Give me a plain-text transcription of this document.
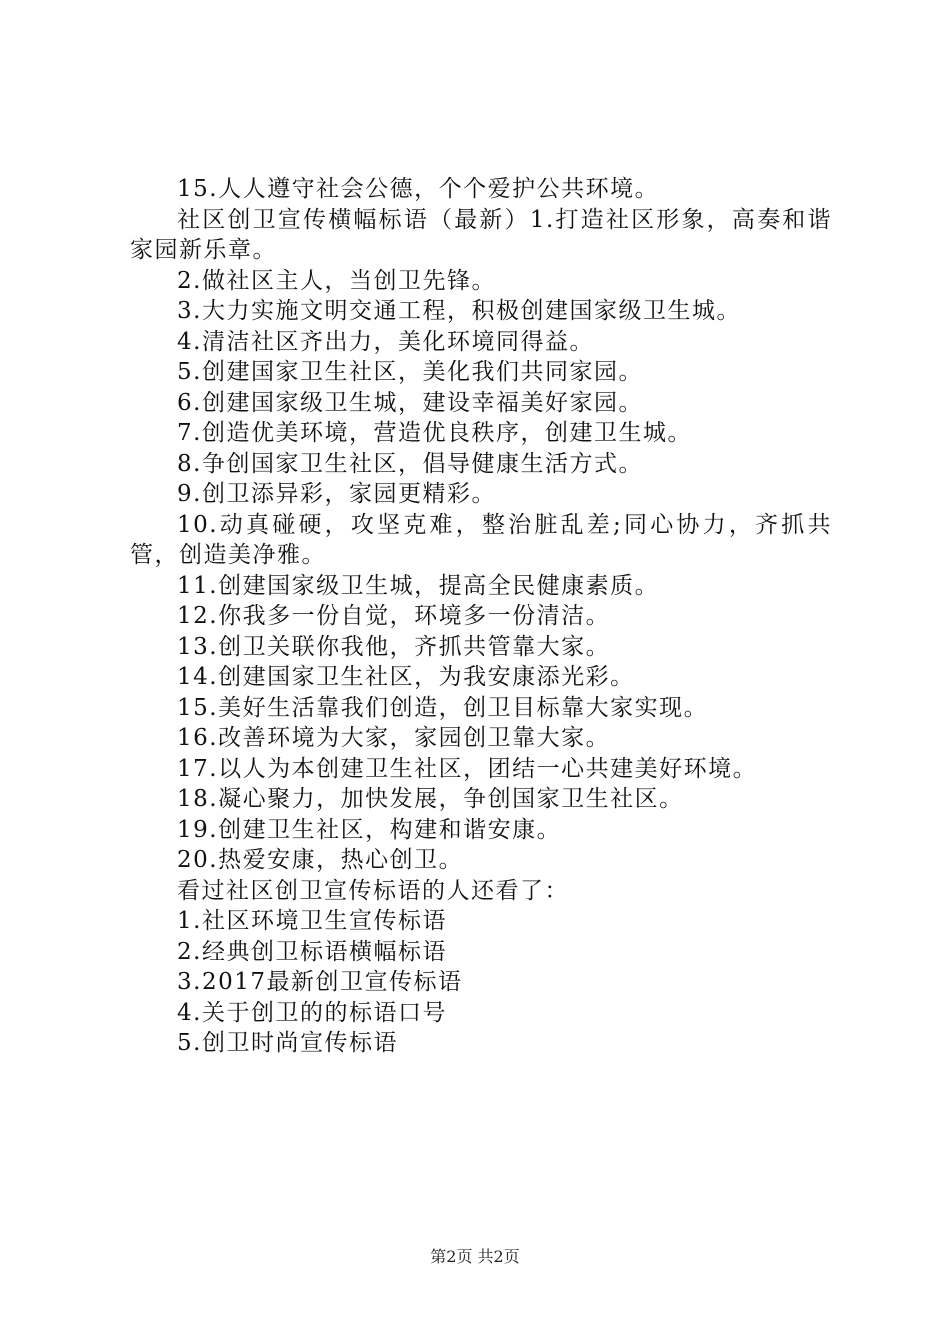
15.人人遵守社会公德，个个爱护公共环境。

社区创卫宣传横幅标语（最新）1.打造社区形象，高奏和谐家园新乐章。

2.做社区主人，当创卫先锋。

3.大力实施文明交通工程，积极创建国家级卫生城。

4.清洁社区齐出力，美化环境同得益。

5.创建国家卫生社区，美化我们共同家园。

6.创建国家级卫生城，建设幸福美好家园。

7.创造优美环境，营造优良秩序，创建卫生城。

8.争创国家卫生社区，倡导健康生活方式。

9.创卫添异彩，家园更精彩。

10.动真碰硬，攻坚克难，整治脏乱差;同心协力，齐抓共管，创造美净雅。

11.创建国家级卫生城，提高全民健康素质。

12.你我多一份自觉，环境多一份清洁。

13.创卫关联你我他，齐抓共管靠大家。

14.创建国家卫生社区，为我安康添光彩。

15.美好生活靠我们创造，创卫目标靠大家实现。

16.改善环境为大家，家园创卫靠大家。

17.以人为本创建卫生社区，团结一心共建美好环境。

18.凝心聚力，加快发展，争创国家卫生社区。

19.创建卫生社区，构建和谐安康。

20.热爱安康，热心创卫。

看过社区创卫宣传标语的人还看了：

1.社区环境卫生宣传标语

2.经典创卫标语横幅标语

3.2017最新创卫宣传标语

4.关于创卫的的标语口号

5.创卫时尚宣传标语

第2页 共2页
